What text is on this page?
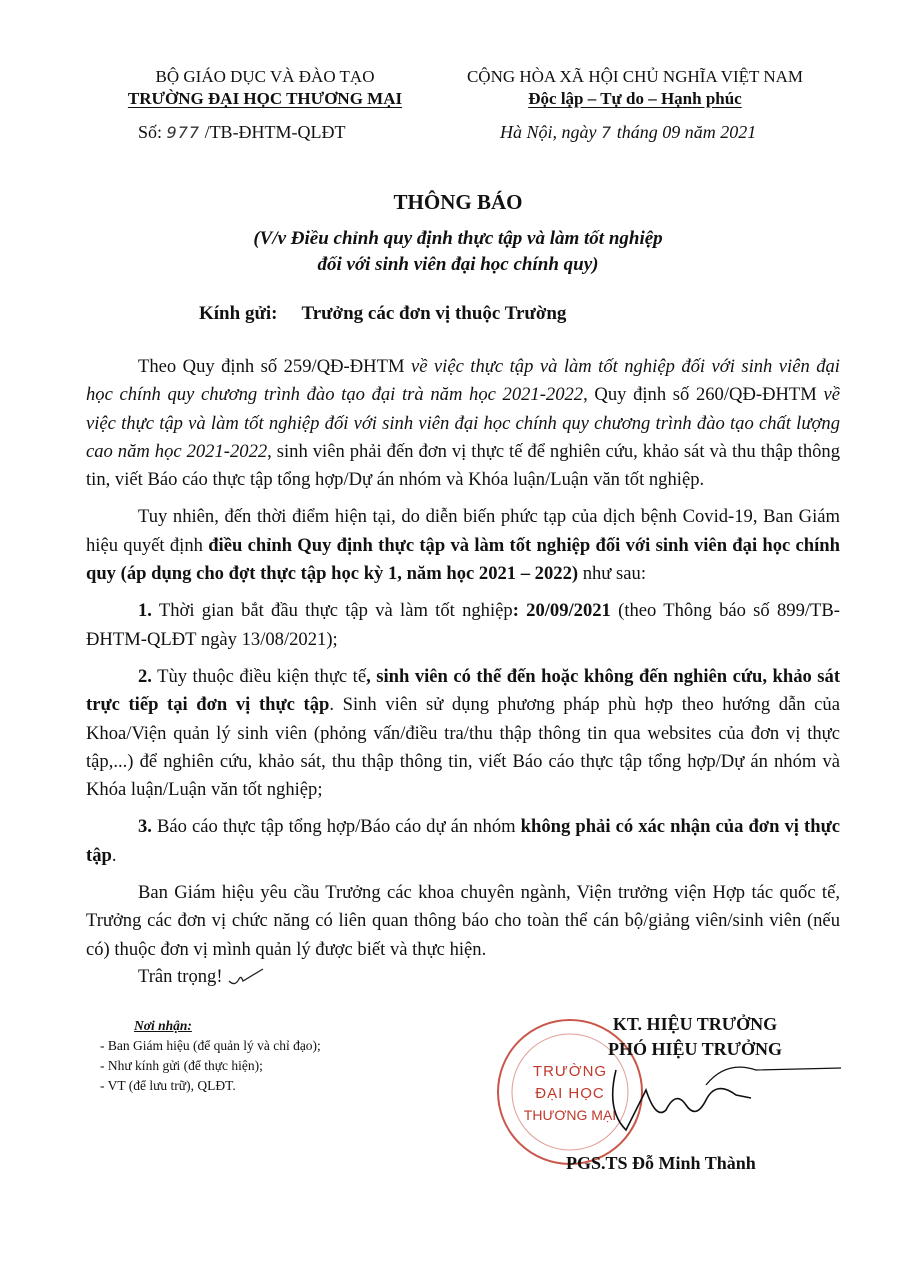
BỘ GIÁO DỤC VÀ ĐÀO TẠO
TRƯỜNG ĐẠI HỌC THƯƠNG MẠI
Số: 977 /TB-ĐHTM-QLĐT
CỘNG HÒA XÃ HỘI CHỦ NGHĨA VIỆT NAM
Độc lập – Tự do – Hạnh phúc
Hà Nội, ngày 7 tháng 09 năm 2021
THÔNG BÁO
(V/v Điều chỉnh quy định thực tập và làm tốt nghiệp
đối với sinh viên đại học chính quy)
Kính gửi: Trưởng các đơn vị thuộc Trường

Theo Quy định số 259/QĐ-ĐHTM về việc thực tập và làm tốt nghiệp đối với sinh viên đại học chính quy chương trình đào tạo đại trà năm học 2021-2022, Quy định số 260/QĐ-ĐHTM về việc thực tập và làm tốt nghiệp đối với sinh viên đại học chính quy chương trình đào tạo chất lượng cao năm học 2021-2022, sinh viên phải đến đơn vị thực tế để nghiên cứu, khảo sát và thu thập thông tin, viết Báo cáo thực tập tổng hợp/Dự án nhóm và Khóa luận/Luận văn tốt nghiệp.

Tuy nhiên, đến thời điểm hiện tại, do diễn biến phức tạp của dịch bệnh Covid-19, Ban Giám hiệu quyết định điều chỉnh Quy định thực tập và làm tốt nghiệp đối với sinh viên đại học chính quy (áp dụng cho đợt thực tập học kỳ 1, năm học 2021 – 2022) như sau:

1. Thời gian bắt đầu thực tập và làm tốt nghiệp: 20/09/2021 (theo Thông báo số 899/TB-ĐHTM-QLĐT ngày 13/08/2021);

2. Tùy thuộc điều kiện thực tế, sinh viên có thể đến hoặc không đến nghiên cứu, khảo sát trực tiếp tại đơn vị thực tập. Sinh viên sử dụng phương pháp phù hợp theo hướng dẫn của Khoa/Viện quản lý sinh viên (phỏng vấn/điều tra/thu thập thông tin qua websites của đơn vị thực tập,...) để nghiên cứu, khảo sát, thu thập thông tin, viết Báo cáo thực tập tổng hợp/Dự án nhóm và Khóa luận/Luận văn tốt nghiệp;

3. Báo cáo thực tập tổng hợp/Báo cáo dự án nhóm không phải có xác nhận của đơn vị thực tập.

Ban Giám hiệu yêu cầu Trưởng các khoa chuyên ngành, Viện trưởng viện Hợp tác quốc tế, Trưởng các đơn vị chức năng có liên quan thông báo cho toàn thể cán bộ/giảng viên/sinh viên (nếu có) thuộc đơn vị mình quản lý được biết và thực hiện.

Trân trọng!
Nơi nhận:
- Ban Giám hiệu (để quản lý và chỉ đạo);
- Như kính gửi (để thực hiện);
- VT (để lưu trữ), QLĐT.
TRƯỜNG
ĐẠI HỌC
THƯƠNG MẠI
KT. HIỆU TRƯỞNG
PHÓ HIỆU TRƯỞNG
PGS.TS Đỗ Minh Thành
